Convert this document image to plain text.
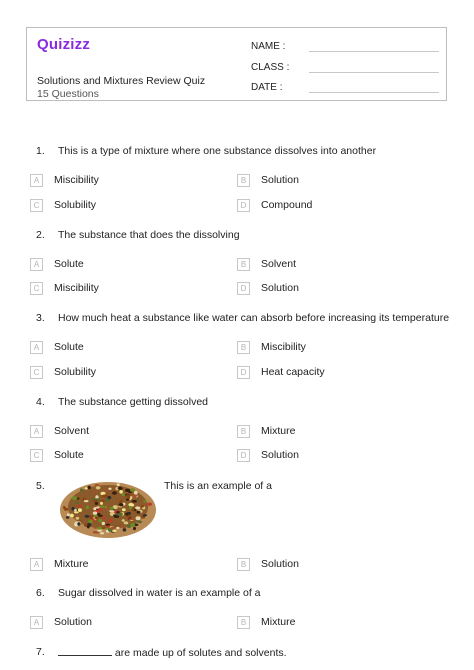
Quizizz
Solutions and Mixtures Review Quiz
15 Questions
NAME :
CLASS :
DATE :
1.	This is a type of mixture where one substance dissolves into another
A	Miscibility	B	Solution
C	Solubility	D	Compound
2.	The substance that does the dissolving
A	Solute	B	Solvent
C	Miscibility	D	Solution
3.	How much heat a substance like water can absorb before increasing its temperature
A	Solute	B	Miscibility
C	Solubility	D	Heat capacity
4.	The substance getting dissolved
A	Solvent	B	Mixture
C	Solute	D	Solution
5.	This is an example of a
A	Mixture	B	Solution
6.	Sugar dissolved in water is an example of a
A	Solution	B	Mixture
7.	are made up of solutes and solvents.
